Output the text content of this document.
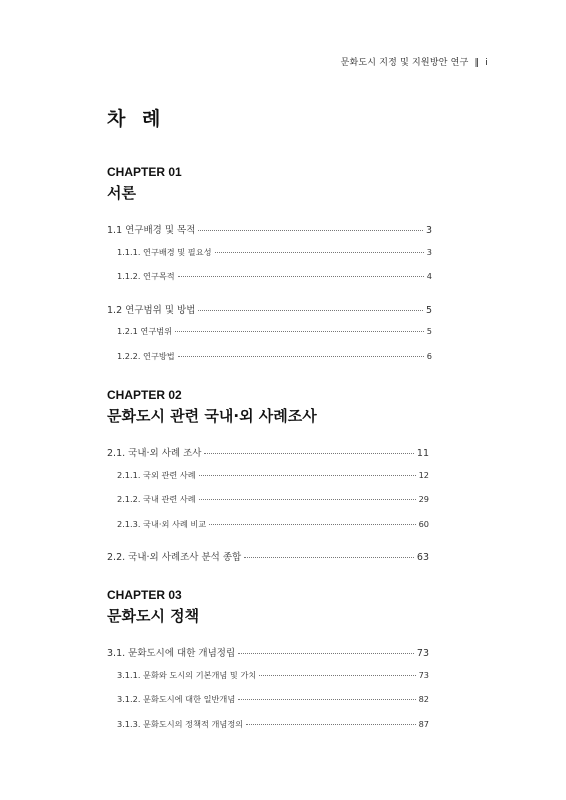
문화도시 지정 및 지원방안 연구 ‖ i
차 례
CHAPTER 01
서론
1.1 연구배경 및 목적	3
1.1.1. 연구배경 및 필요성	3
1.1.2. 연구목적	4
1.2 연구범위 및 방법	5
1.2.1 연구범위	5
1.2.2. 연구방법	6
CHAPTER 02
문화도시 관련 국내·외 사례조사
2.1. 국내·외 사례 조사	11
2.1.1. 국외 관련 사례	12
2.1.2. 국내 관련 사례	29
2.1.3. 국내·외 사례 비교	60
2.2. 국내·외 사례조사 분석 종합	63
CHAPTER 03
문화도시 정책
3.1. 문화도시에 대한 개념정립	73
3.1.1. 문화와 도시의 기본개념 및 가치	73
3.1.2. 문화도시에 대한 일반개념	82
3.1.3. 문화도시의 정책적 개념정의	87
